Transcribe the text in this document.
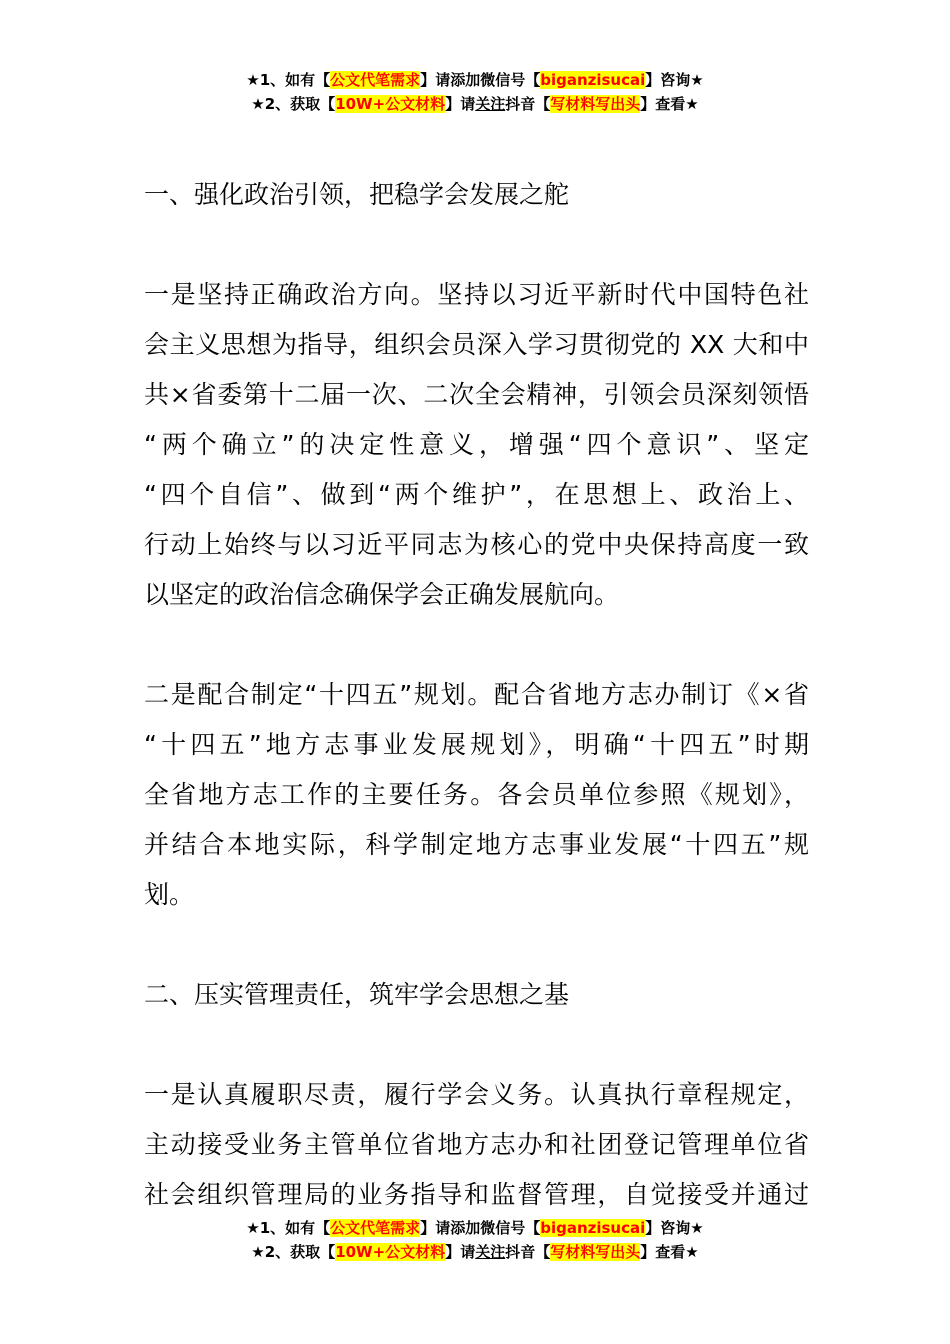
★1、如有【公文代笔需求】请添加微信号【biganzisucai】咨询★
★2、获取【10W+公文材料】请关注抖音【写材料写出头】查看★
一、强化政治引领，把稳学会发展之舵
一是坚持正确政治方向。坚持以习近平新时代中国特色社
会主义思想为指导，组织会员深入学习贯彻党的 XX 大和中
共×省委第十二届一次、二次全会精神，引领会员深刻领悟
“两个确立”的决定性意义，增强“四个意识”、坚定
“四个自信”、做到“两个维护”，在思想上、政治上、
行动上始终与以习近平同志为核心的党中央保持高度一致
以坚定的政治信念确保学会正确发展航向。
二是配合制定“十四五”规划。配合省地方志办制订《×省
“十四五”地方志事业发展规划》，明确“十四五”时期
全省地方志工作的主要任务。各会员单位参照《规划》，
并结合本地实际，科学制定地方志事业发展“十四五”规
划。
二、压实管理责任，筑牢学会思想之基
一是认真履职尽责，履行学会义务。认真执行章程规定，
主动接受业务主管单位省地方志办和社团登记管理单位省
社会组织管理局的业务指导和监督管理，自觉接受并通过
★1、如有【公文代笔需求】请添加微信号【biganzisucai】咨询★
★2、获取【10W+公文材料】请关注抖音【写材料写出头】查看★
